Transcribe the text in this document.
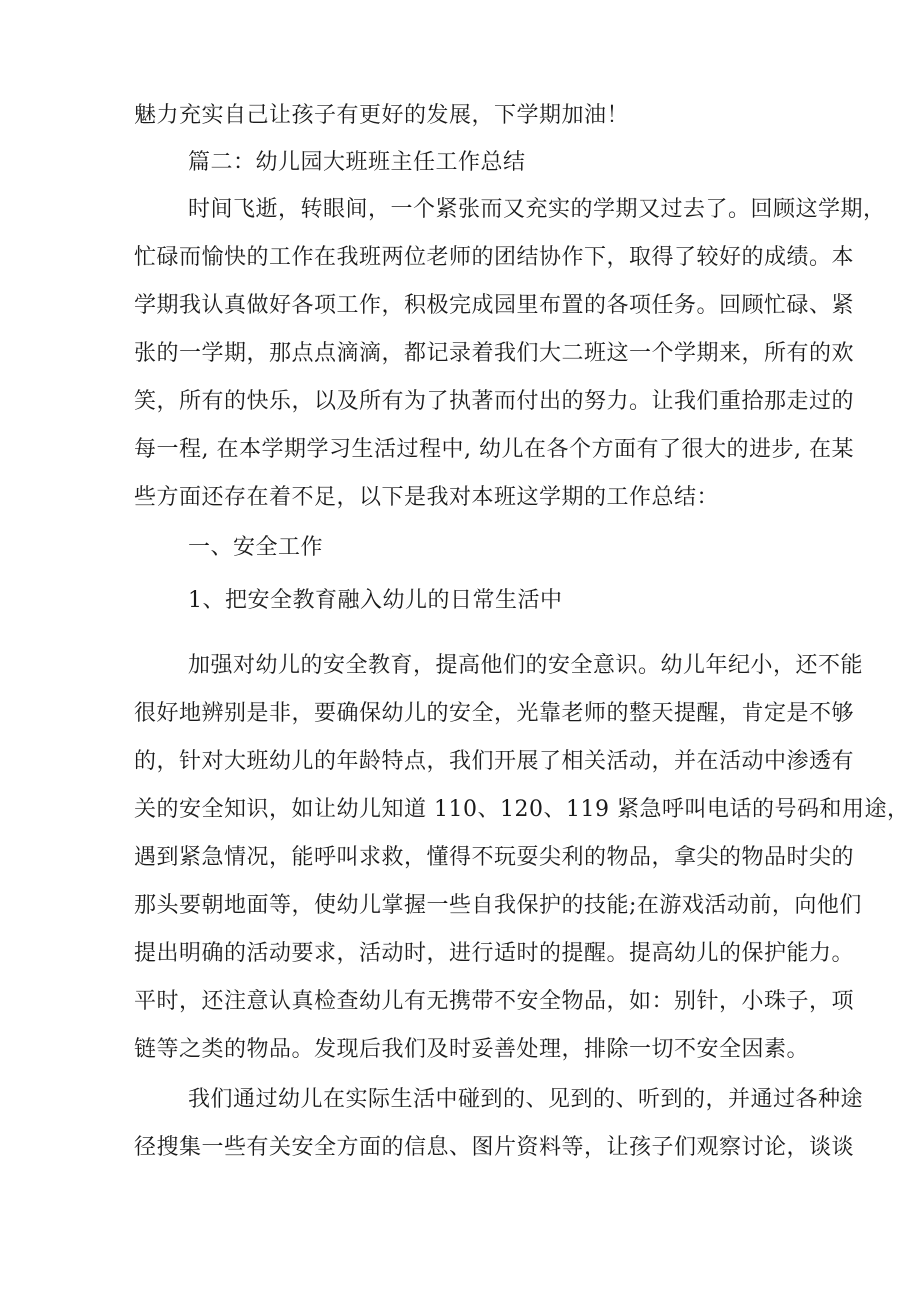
魅力充实自己让孩子有更好的发展，下学期加油！
篇二：幼儿园大班班主任工作总结
时间飞逝，转眼间，一个紧张而又充实的学期又过去了。回顾这学期，
忙碌而愉快的工作在我班两位老师的团结协作下，取得了较好的成绩。本
学期我认真做好各项工作，积极完成园里布置的各项任务。回顾忙碌、紧
张的一学期，那点点滴滴，都记录着我们大二班这一个学期来，所有的欢
笑，所有的快乐，以及所有为了执著而付出的努力。让我们重拾那走过的
每一程, 在本学期学习生活过程中, 幼儿在各个方面有了很大的进步, 在某
些方面还存在着不足，以下是我对本班这学期的工作总结：
一、安全工作
1、把安全教育融入幼儿的日常生活中
加强对幼儿的安全教育，提高他们的安全意识。幼儿年纪小，还不能
很好地辨别是非，要确保幼儿的安全，光靠老师的整天提醒，肯定是不够
的，针对大班幼儿的年龄特点，我们开展了相关活动，并在活动中渗透有
关的安全知识，如让幼儿知道 110、120、119 紧急呼叫电话的号码和用途，
遇到紧急情况，能呼叫求救，懂得不玩耍尖利的物品，拿尖的物品时尖的
那头要朝地面等，使幼儿掌握一些自我保护的技能;在游戏活动前，向他们
提出明确的活动要求，活动时，进行适时的提醒。提高幼儿的保护能力。
平时，还注意认真检查幼儿有无携带不安全物品，如：别针，小珠子，项
链等之类的物品。发现后我们及时妥善处理，排除一切不安全因素。
我们通过幼儿在实际生活中碰到的、见到的、听到的，并通过各种途
径搜集一些有关安全方面的信息、图片资料等，让孩子们观察讨论，谈谈
